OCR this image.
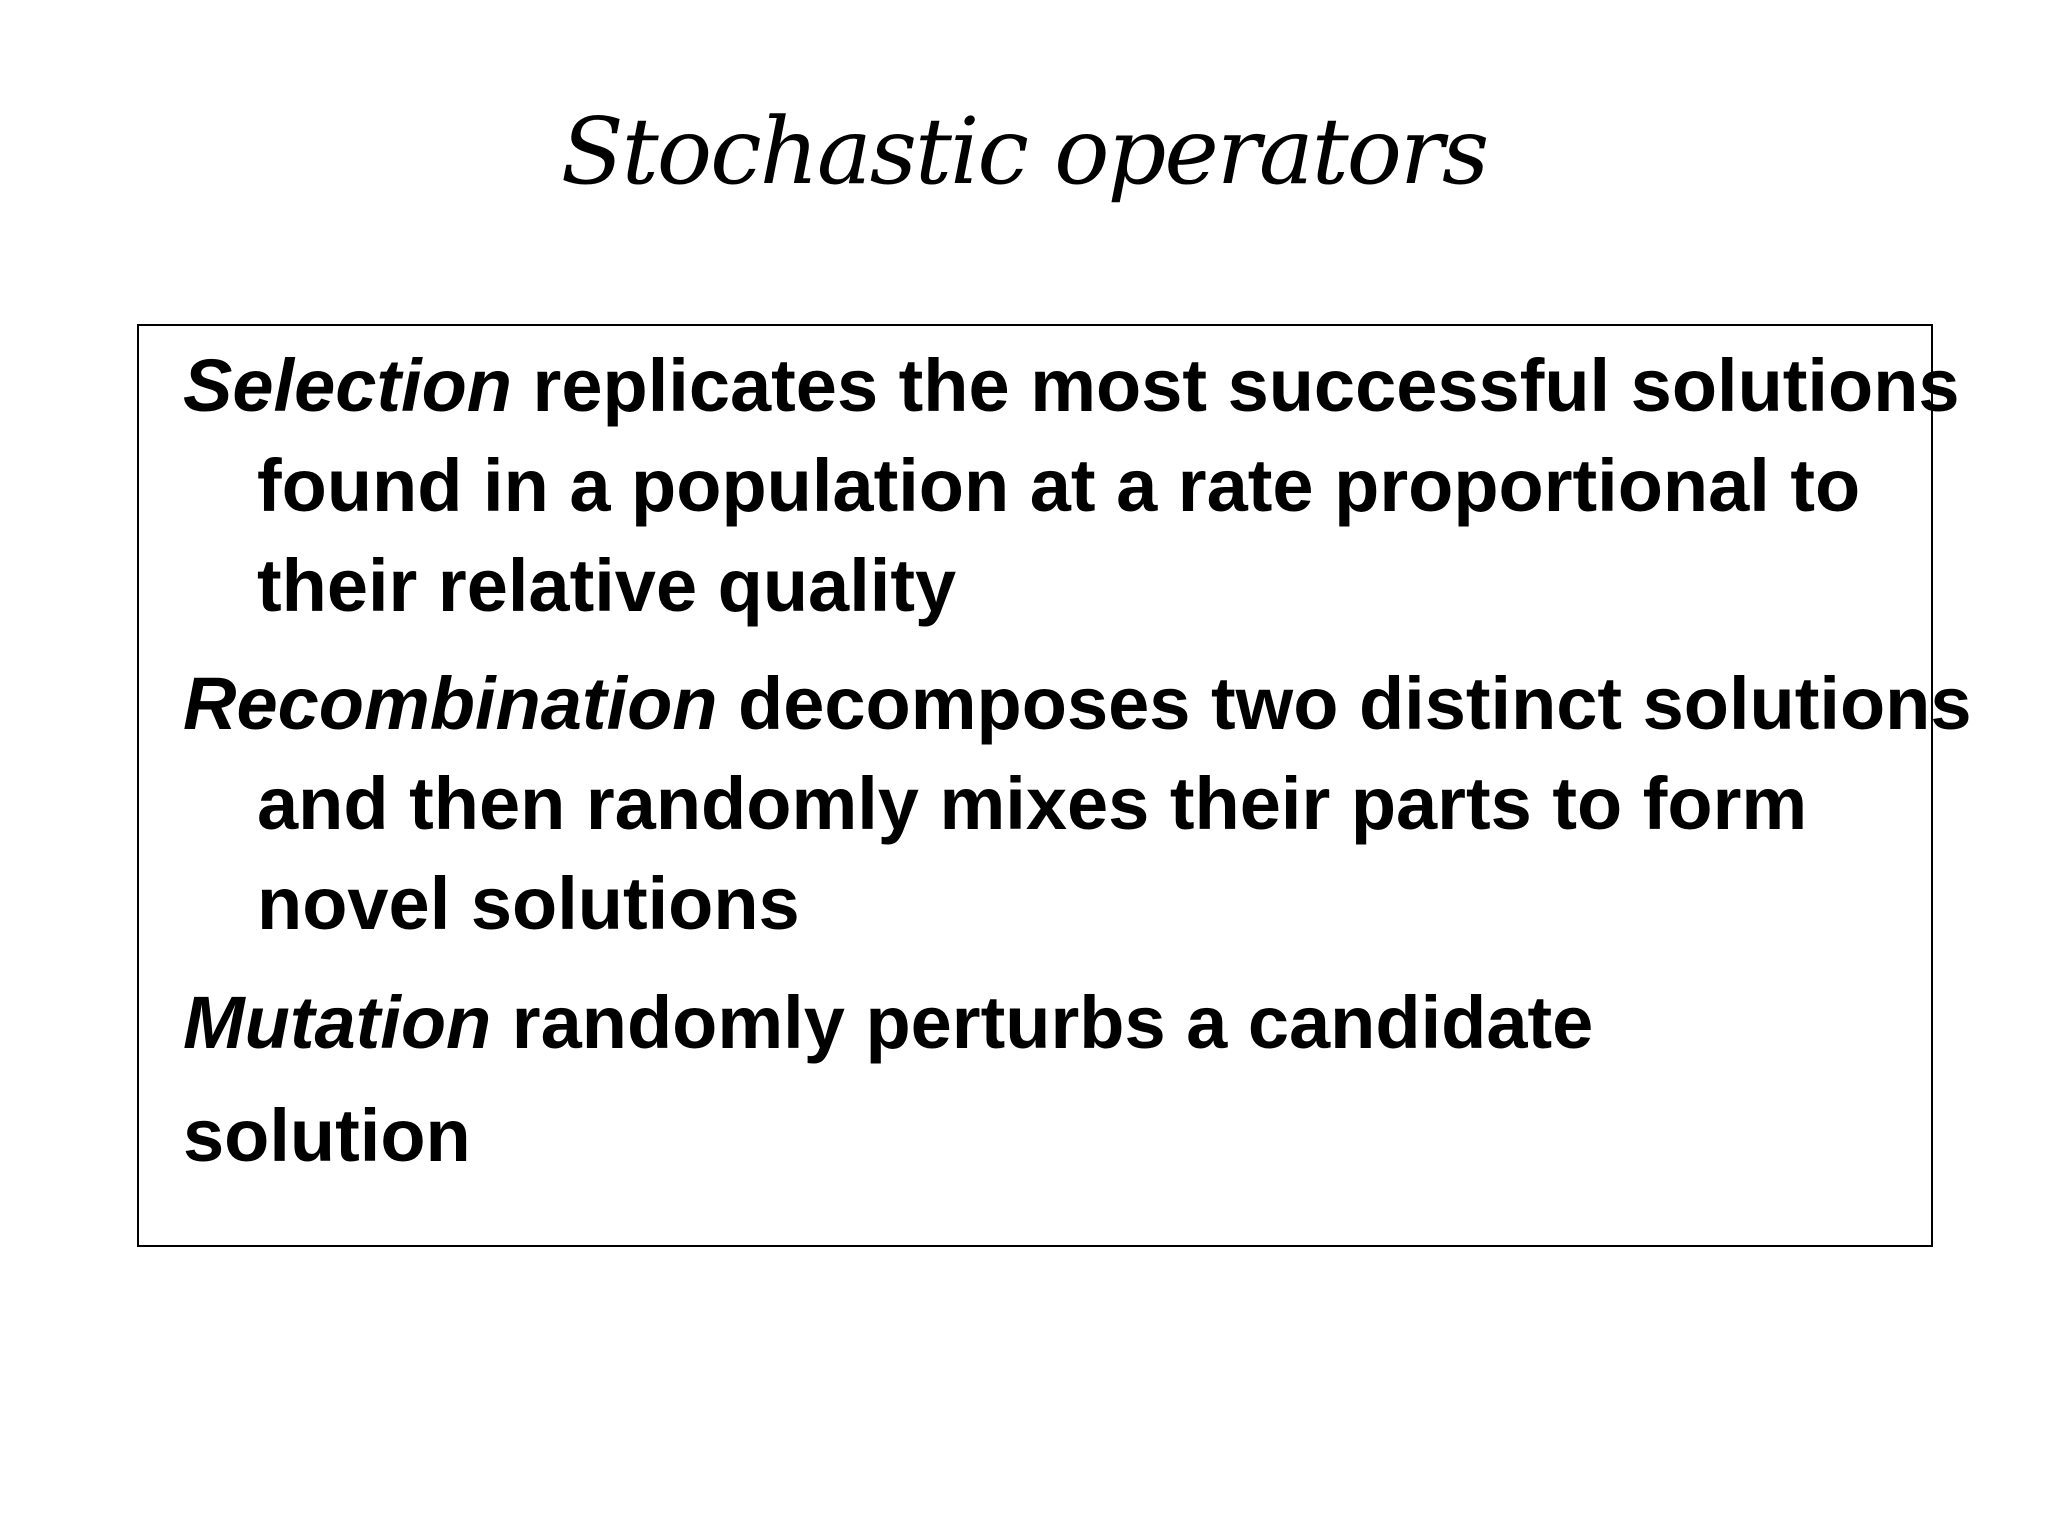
Stochastic operators
Selection replicates the most successful solutions found in a population at a rate proportional to their relative quality
Recombination decomposes two distinct solutions and then randomly mixes their parts to form novel solutions
Mutation randomly perturbs a candidate
solution
